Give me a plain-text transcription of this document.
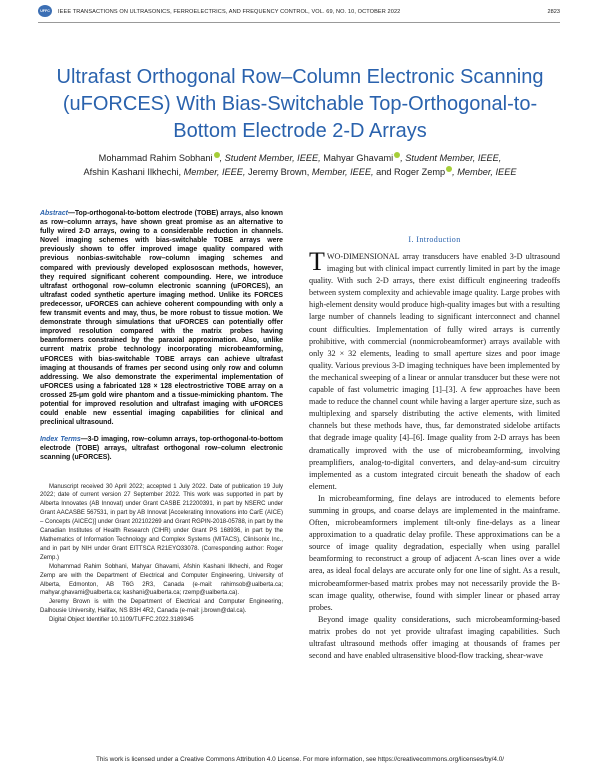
UFFC	IEEE TRANSACTIONS ON ULTRASONICS, FERROELECTRICS, AND FREQUENCY CONTROL, VOL. 69, NO. 10, OCTOBER 2022	2823
Ultrafast Orthogonal Row–Column Electronic Scanning (uFORCES) With Bias-Switchable Top-Orthogonal-to-Bottom Electrode 2-D Arrays
Mohammad Rahim Sobhani , Student Member, IEEE, Mahyar Ghavami , Student Member, IEEE,
Afshin Kashani Ilkhechi, Member, IEEE, Jeremy Brown, Member, IEEE, and Roger Zemp , Member, IEEE
Abstract—Top-orthogonal-to-bottom electrode (TOBE) arrays, also known as row–column arrays, have shown great promise as an alternative to fully wired 2-D arrays, owing to a considerable reduction in channels. Novel imaging schemes with bias-switchable TOBE arrays were previously shown to offer improved image quality compared with previous nonbias-switchable row–column imaging schemes and compared with previously developed explososcan methods, however, they required significant coherent compounding. Here, we introduce ultrafast orthogonal row–column electronic scanning (uFORCES), an ultrafast coded synthetic aperture imaging method. Unlike its FORCES predecessor, uFORCES can achieve coherent compounding with only a few transmit events and may, thus, be more robust to tissue motion. We demonstrate through simulations that uFORCES can potentially offer improved resolution compared with the matrix probes having beamformers constrained by the paraxial approximation. Also, unlike current matrix probe technology incorporating microbeamforming, uFORCES with bias-switchable TOBE arrays can achieve ultrafast imaging at thousands of frames per second using only row and column addressing. We also demonstrate the experimental implementation of uFORCES using a fabricated 128 × 128 electrostrictive TOBE array on a crossed 25-μm gold wire phantom and a tissue-mimicking phantom. The potential for improved resolution and ultrafast imaging with uFORCES could enable new essential imaging capabilities for clinical and preclinical ultrasound.
Index Terms—3-D imaging, row–column arrays, top-orthogonal-to-bottom electrode (TOBE) arrays, ultrafast orthogonal row–column electronic scanning (uFORCES).

Manuscript received 30 April 2022; accepted 1 July 2022. Date of publication 19 July 2022; date of current version 27 September 2022. This work was supported in part by Alberta Innovates (AB Innovat) under Grant CASBE 212200391, in part by NSERC under Grant AACASBE 567531, in part by AB Innovat [Accelerating Innovations into CarE (AICE) – Concepts (AICEC)] under Grant 202102269 and Grant RGPIN-2018-05788, in part by the Canadian Institutes of Health Research (CIHR) under Grant PS 168936, in part by the Mathematics of Information Technology and Complex Systems (MITACS), ClinIsonix Inc., and in part by NIH under Grant EITTSCA R21EYO33078. (Corresponding author: Roger Zemp.)

Mohammad Rahim Sobhani, Mahyar Ghavami, Afshin Kashani Ilkhechi, and Roger Zemp are with the Department of Electrical and Computer Engineering, University of Alberta, Edmonton, AB T6G 2R3, Canada (e-mail: rahimsob@ualberta.ca; mahyar.ghavami@ualberta.ca; kashani@ualberta.ca; rzemp@ualberta.ca).

Jeremy Brown is with the Department of Electrical and Computer Engineering, Dalhousie University, Halifax, NS B3H 4R2, Canada (e-mail: j.brown@dal.ca).

Digital Object Identifier 10.1109/TUFFC.2022.3189345

I. Introduction

TWO-DIMENSIONAL array transducers have enabled 3-D ultrasound imaging but with clinical impact currently limited in part by the image quality. With such 2-D arrays, there exist difficult engineering tradeoffs between system complexity and achievable image quality. Large probes with high-element density would produce high-quality images but with a resulting large number of channels leading to significant interconnect and channel count difficulties. Implementation of fully wired arrays is currently prohibitive, with commercial (nonmicrobeamformer) arrays available with only 32 × 32 elements, leading to small aperture sizes and poor image quality. Various previous 3-D imaging techniques have been implemented by the mechanical sweeping of a linear or annular transducer but these were not capable of fast volumetric imaging [1]–[3]. A few approaches have been made to reduce the channel count while having a larger aperture size, such as multiplexing and sparsely distributing the active elements, with limited channels but these methods have, thus, far demonstrated sidelobe artifacts that degrade image quality [4]–[6]. Image quality from 2-D arrays has been dramatically improved with the use of microbeamforming, involving preamplifiers, analog-to-digital converters, and delay-and-sum circuitry implemented as a custom integrated circuit beneath the shadow of each element.

In microbeamforming, fine delays are introduced to elements before summing in groups, and coarse delays are implemented in the mainframe. Often, microbeamformers implement tilt-only fine-delays as a linear approximation to a quadratic delay profile. These approximations can be a source of image quality degradation, especially when using parallel beamforming to reconstruct a group of adjacent A-scan lines over a wide area, as ideal focal delays are accurate only for one line of sight. As a result, microbeamformer-based matrix probes may not necessarily provide the B-scan image quality, otherwise, found with simpler linear or phased array probes.

Beyond image quality considerations, such microbeamforming-based matrix probes do not yet provide ultrafast imaging capabilities. Such ultrafast ultrasound methods offer imaging at thousands of frames per second and have enabled ultrasensitive blood-flow tracking, shear-wave

This work is licensed under a Creative Commons Attribution 4.0 License. For more information, see https://creativecommons.org/licenses/by/4.0/
